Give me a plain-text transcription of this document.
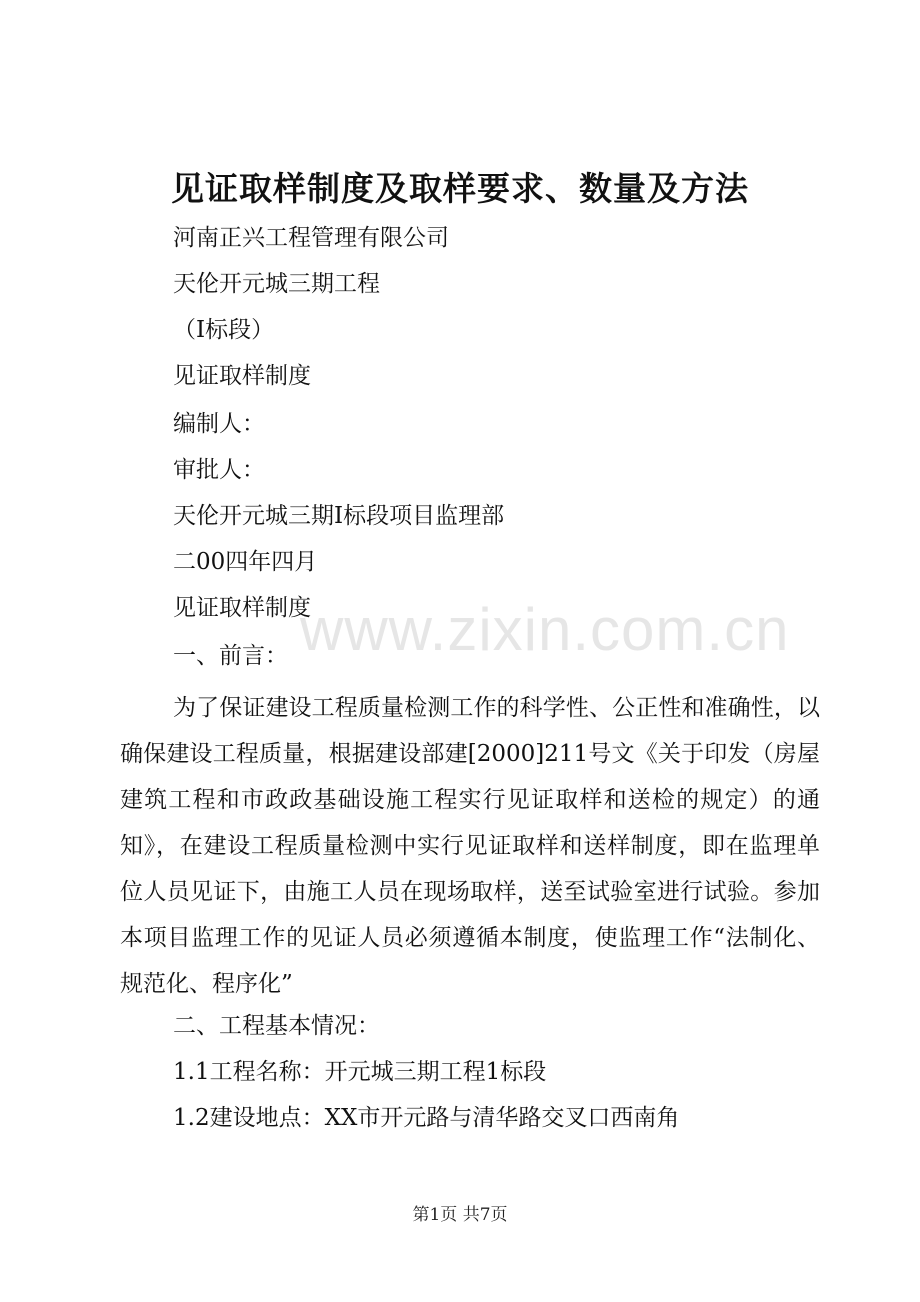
www.zixin.com.cn
见证取样制度及取样要求、数量及方法

河南正兴工程管理有限公司

天伦开元城三期工程

（Ⅰ标段）

见证取样制度

编制人：

审批人：

天伦开元城三期Ⅰ标段项目监理部

二00四年四月

见证取样制度

一、前言：

为了保证建设工程质量检测工作的科学性、公正性和准确性，以确保建设工程质量，根据建设部建[2000]211号文《关于印发（房屋建筑工程和市政政基础设施工程实行见证取样和送检的规定）的通知》，在建设工程质量检测中实行见证取样和送样制度，即在监理单位人员见证下，由施工人员在现场取样，送至试验室进行试验。参加本项目监理工作的见证人员必须遵循本制度，使监理工作“法制化、规范化、程序化”

二、工程基本情况：

1.1工程名称：开元城三期工程1标段

1.2建设地点：XX市开元路与清华路交叉口西南角

第1页 共7页
